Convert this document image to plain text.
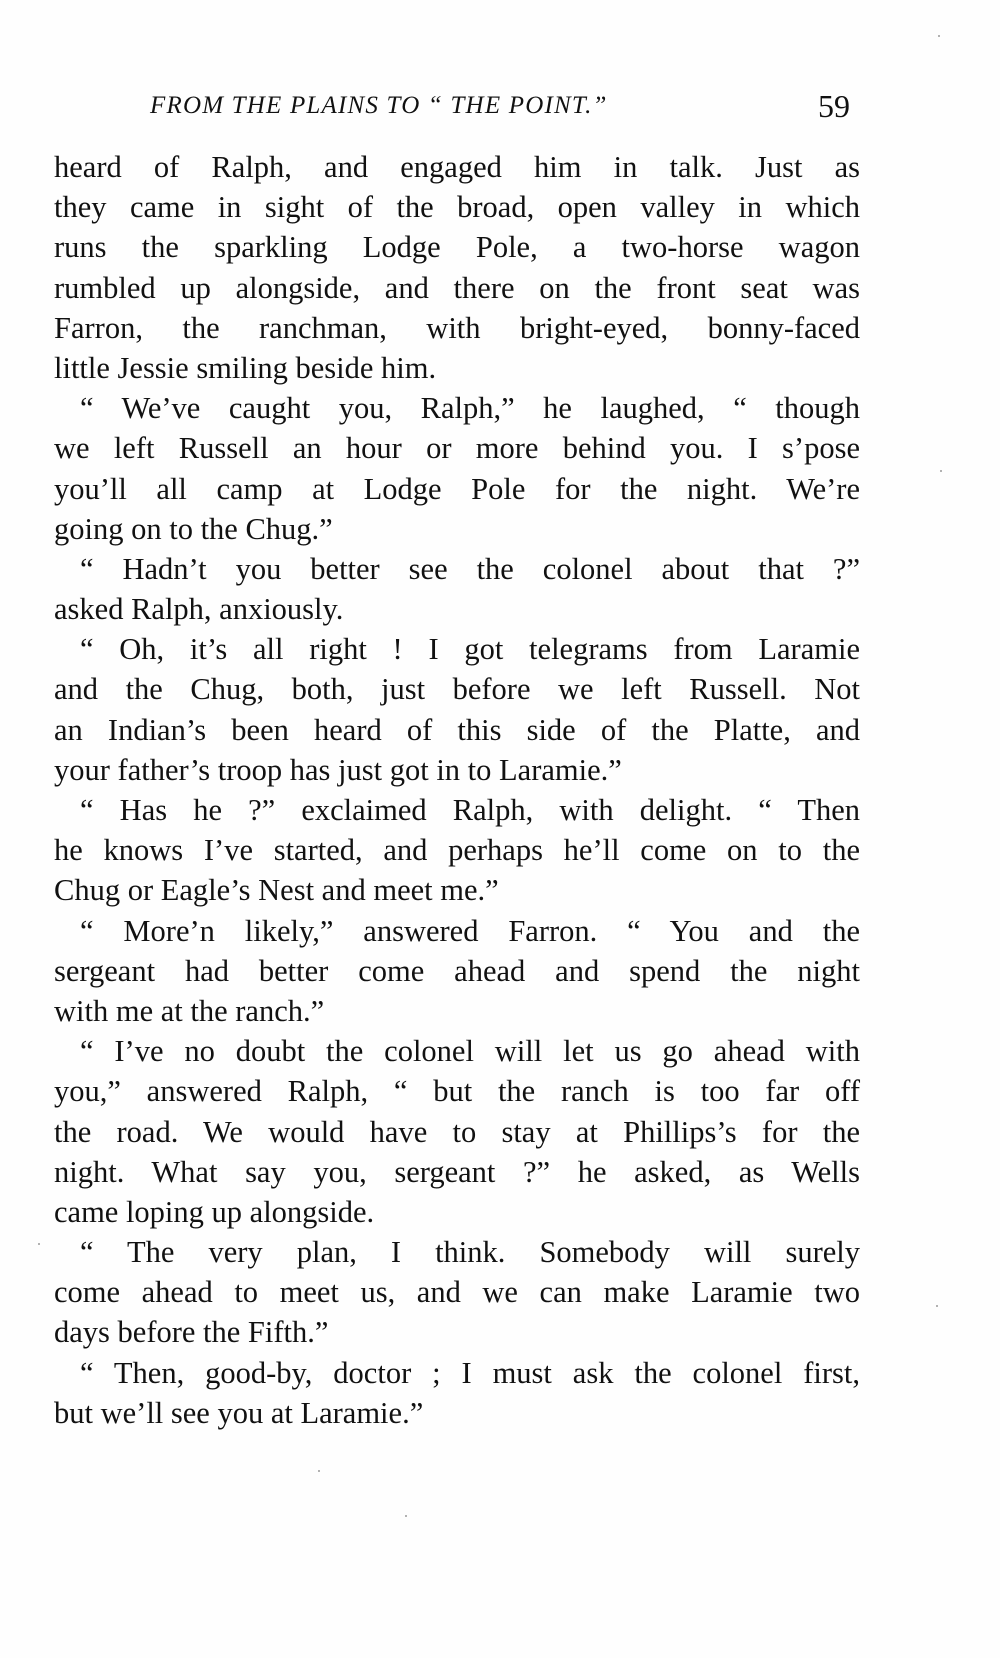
FROM THE PLAINS TO “ THE POINT.”	59
heard of Ralph, and engaged him in talk. Just as
they came in sight of the broad, open valley in which
runs the sparkling Lodge Pole, a two-horse wagon
rumbled up alongside, and there on the front seat was
Farron, the ranchman, with bright-eyed, bonny-faced
little Jessie smiling beside him.
“ We’ve caught you, Ralph,” he laughed, “ though
we left Russell an hour or more behind you. I s’pose
you’ll all camp at Lodge Pole for the night. We’re
going on to the Chug.”
“ Hadn’t you better see the colonel about that ?”
asked Ralph, anxiously.
“ Oh, it’s all right ! I got telegrams from Laramie
and the Chug, both, just before we left Russell. Not
an Indian’s been heard of this side of the Platte, and
your father’s troop has just got in to Laramie.”
“ Has he ?” exclaimed Ralph, with delight. “ Then
he knows I’ve started, and perhaps he’ll come on to the
Chug or Eagle’s Nest and meet me.”
“ More’n likely,” answered Farron. “ You and the
sergeant had better come ahead and spend the night
with me at the ranch.”
“ I’ve no doubt the colonel will let us go ahead with
you,” answered Ralph, “ but the ranch is too far off
the road. We would have to stay at Phillips’s for the
night. What say you, sergeant ?” he asked, as Wells
came loping up alongside.
“ The very plan, I think. Somebody will surely
come ahead to meet us, and we can make Laramie two
days before the Fifth.”
“ Then, good-by, doctor ; I must ask the colonel first,
but we’ll see you at Laramie.”
